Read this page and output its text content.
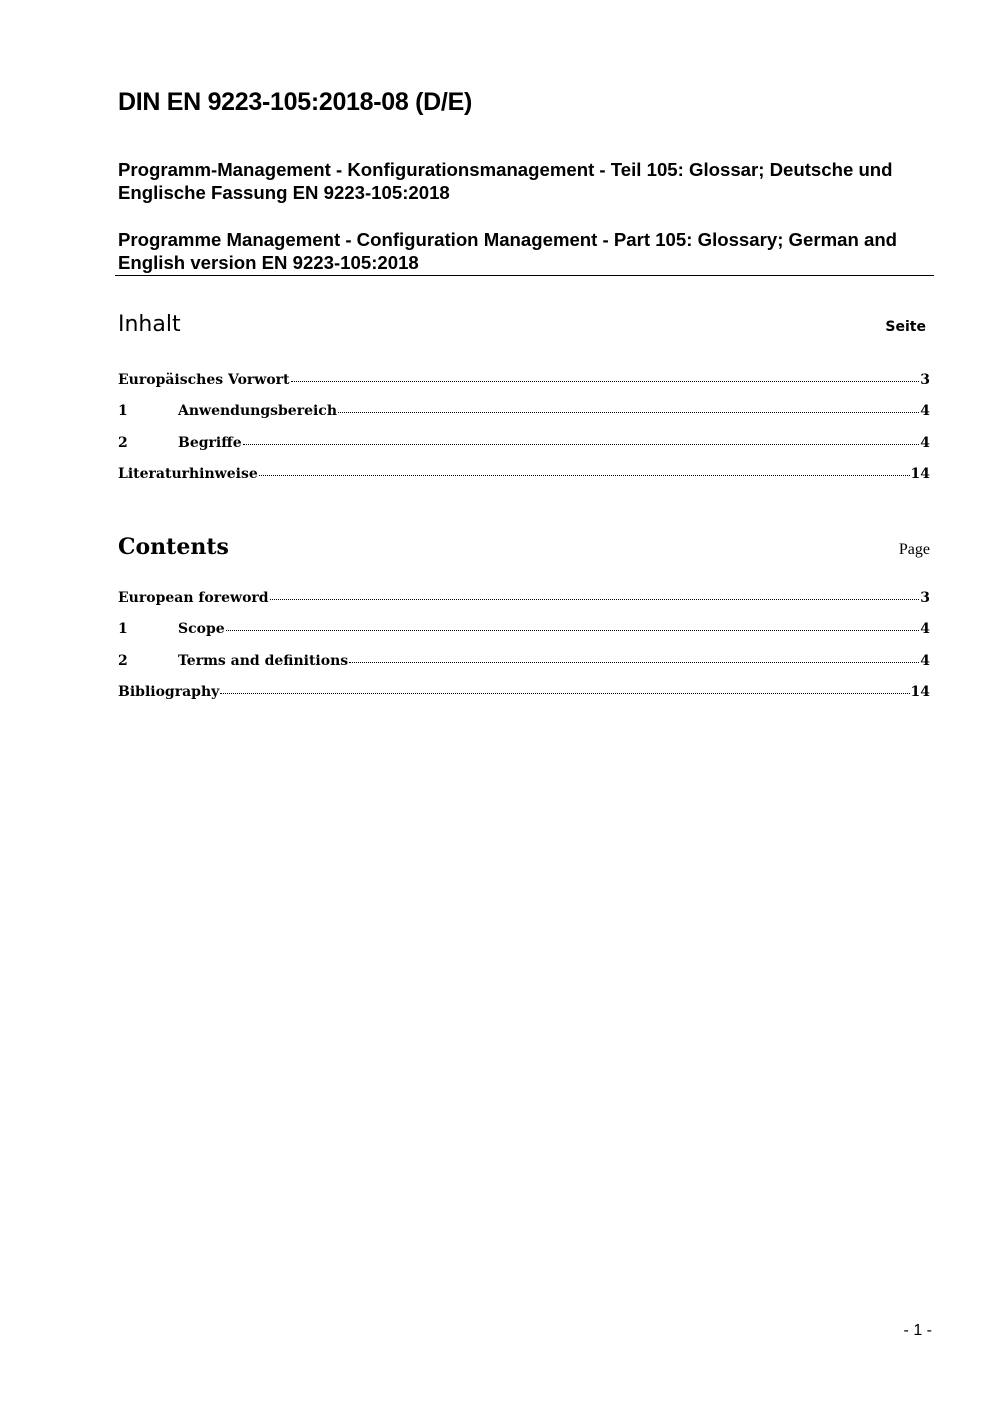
DIN EN 9223-105:2018-08 (D/E)

Programm-Management - Konfigurationsmanagement - Teil 105: Glossar; Deutsche und Englische Fassung EN 9223-105:2018

Programme Management - Configuration Management - Part 105: Glossary; German and English version EN 9223-105:2018

Inhalt	Seite
Europäisches Vorwort	3
1	Anwendungsbereich	4
2	Begriffe	4
Literaturhinweise	14
Contents	Page
European foreword	3
1	Scope	4
2	Terms and definitions	4
Bibliography	14
- 1 -
